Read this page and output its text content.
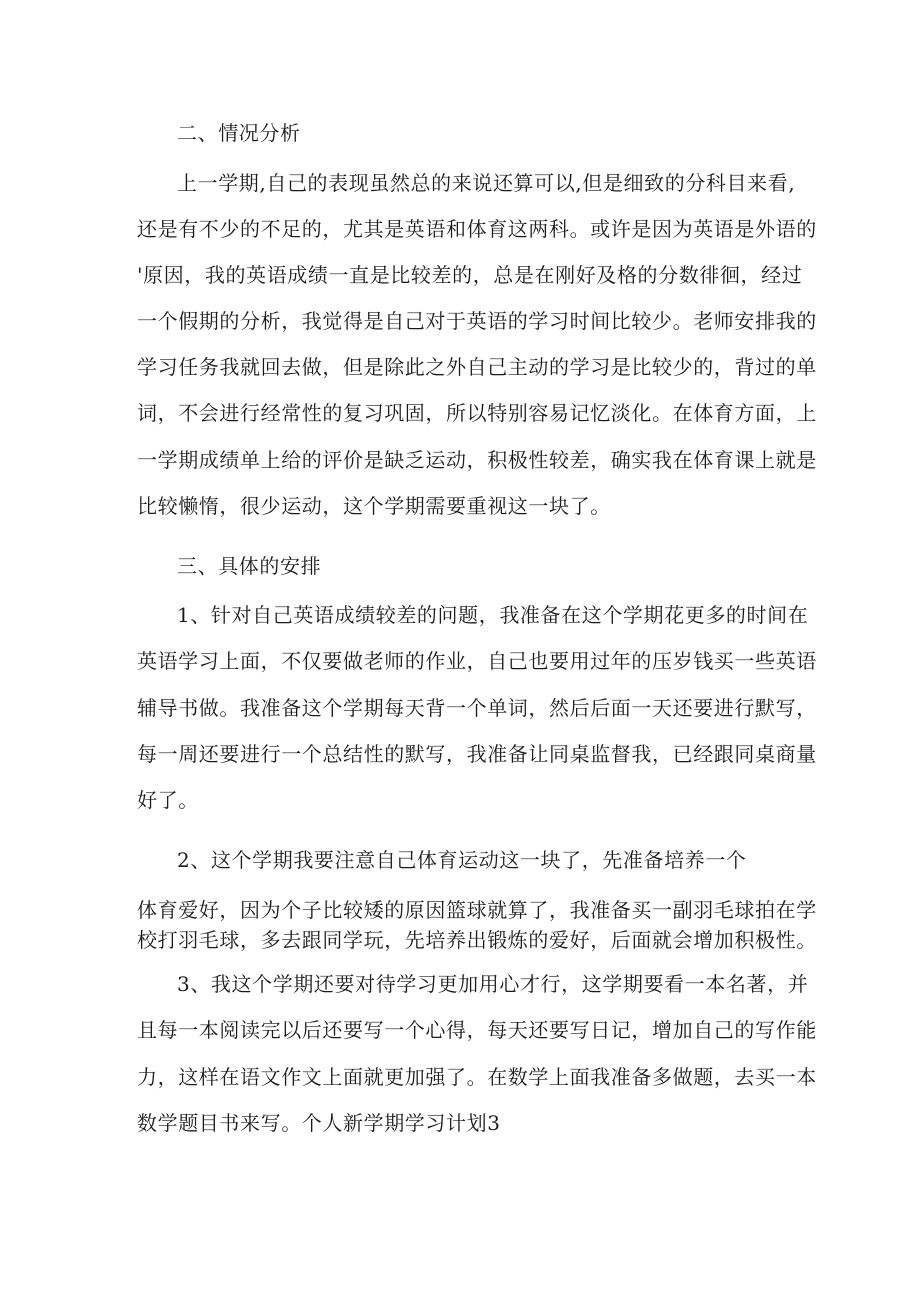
二、情况分析
上一学期,自己的表现虽然总的来说还算可以,但是细致的分科目来看,
还是有不少的不足的，尤其是英语和体育这两科。或许是因为英语是外语的
'原因，我的英语成绩一直是比较差的，总是在刚好及格的分数徘徊，经过
一个假期的分析，我觉得是自己对于英语的学习时间比较少。老师安排我的
学习任务我就回去做，但是除此之外自己主动的学习是比较少的，背过的单
词，不会进行经常性的复习巩固，所以特别容易记忆淡化。在体育方面，上
一学期成绩单上给的评价是缺乏运动，积极性较差，确实我在体育课上就是
比较懒惰，很少运动，这个学期需要重视这一块了。
三、具体的安排
1、针对自己英语成绩较差的问题，我准备在这个学期花更多的时间在
英语学习上面，不仅要做老师的作业，自己也要用过年的压岁钱买一些英语
辅导书做。我准备这个学期每天背一个单词，然后后面一天还要进行默写，
每一周还要进行一个总结性的默写，我准备让同桌监督我，已经跟同桌商量
好了。
2、这个学期我要注意自己体育运动这一块了，先准备培养一个
体育爱好，因为个子比较矮的原因篮球就算了，我准备买一副羽毛球拍在学
校打羽毛球，多去跟同学玩，先培养出锻炼的爱好，后面就会增加积极性。
3、我这个学期还要对待学习更加用心才行，这学期要看一本名著，并
且每一本阅读完以后还要写一个心得，每天还要写日记，增加自己的写作能
力，这样在语文作文上面就更加强了。在数学上面我准备多做题，去买一本
数学题目书来写。个人新学期学习计划3
